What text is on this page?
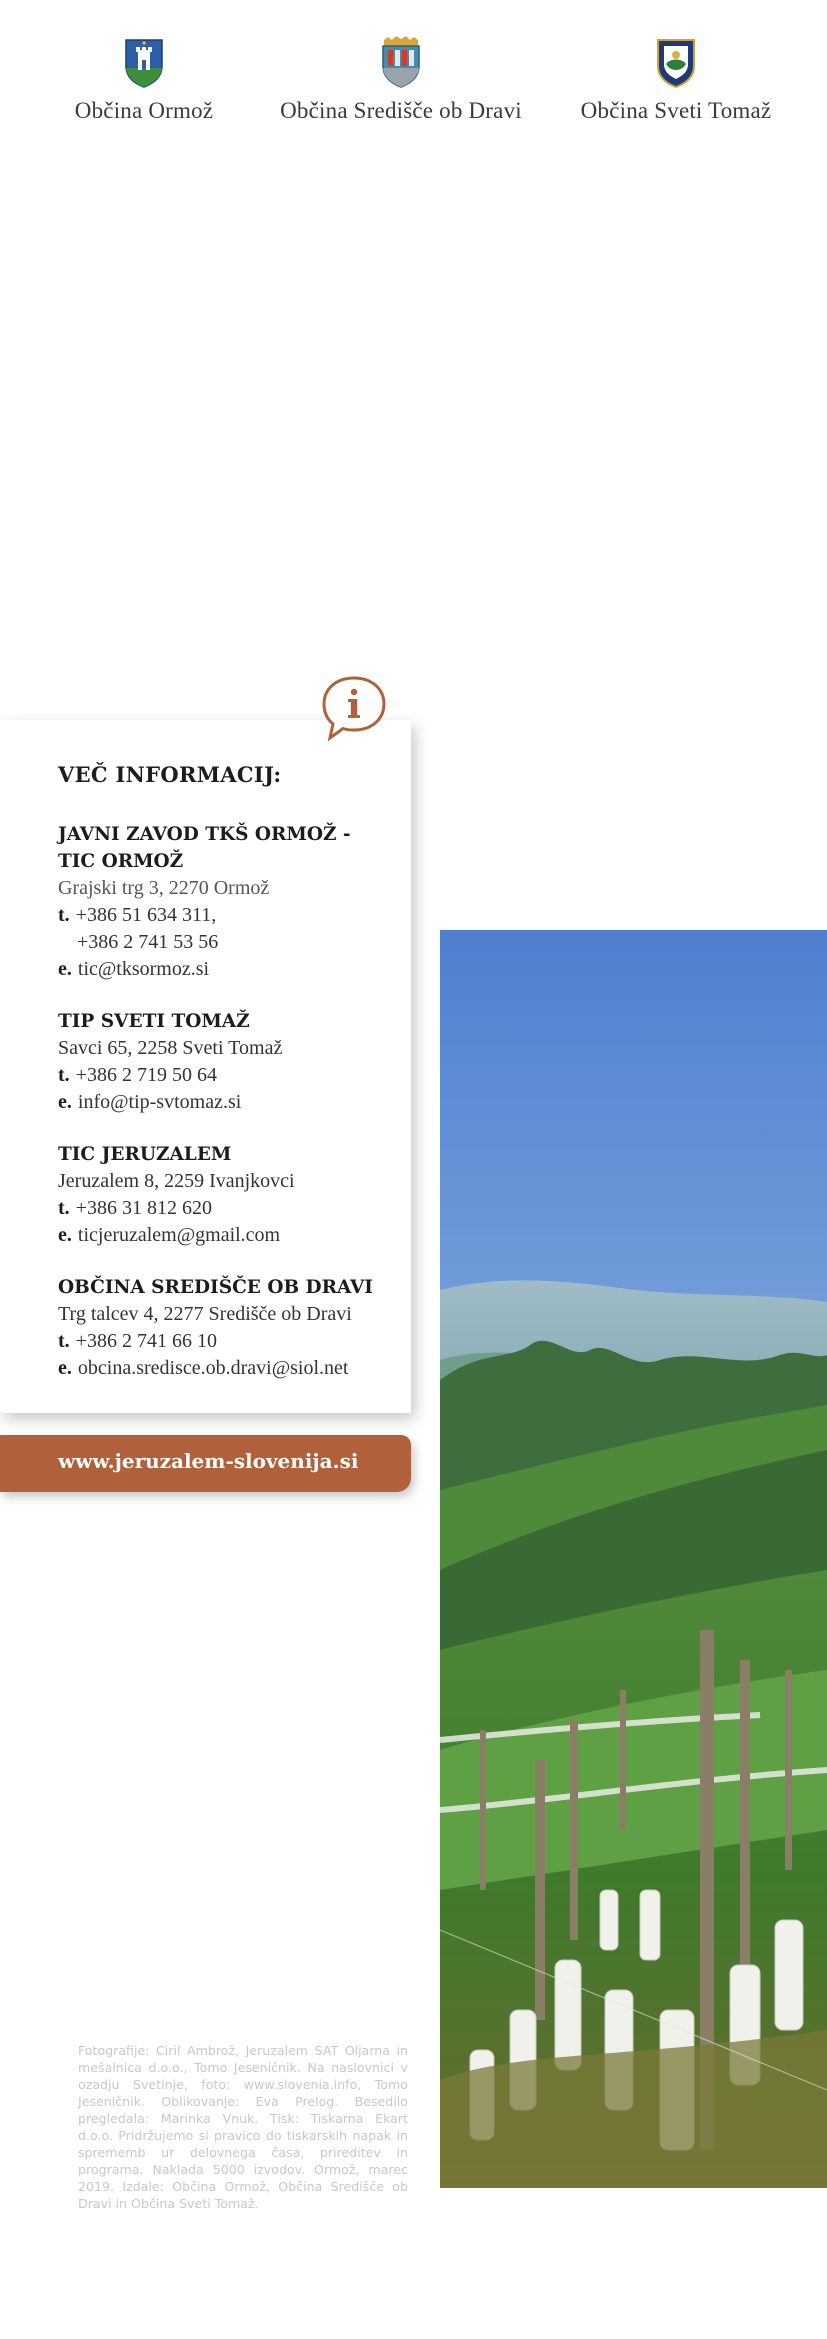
Občina Ormož	Občina Središče ob Dravi	Občina Sveti Tomaž
VEČ INFORMACIJ:
JAVNI ZAVOD TKŠ ORMOŽ -
TIC ORMOŽ
Grajski trg 3, 2270 Ormož
t. +386 51 634 311,
+386 2 741 53 56
e. tic@tksormoz.si
TIP SVETI TOMAŽ
Savci 65, 2258 Sveti Tomaž
t. +386 2 719 50 64
e. info@tip-svtomaz.si
TIC JERUZALEM
Jeruzalem 8, 2259 Ivanjkovci
t. +386 31 812 620
e. ticjeruzalem@gmail.com
OBČINA SREDIŠČE OB DRAVI
Trg talcev 4, 2277 Središče ob Dravi
t. +386 2 741 66 10
e. obcina.sredisce.ob.dravi@siol.net
www.jeruzalem-slovenija.si
Fotografije: Ciril Ambrož, Jeruzalem SAT Oljarna in mešalnica d.o.o., Tomo Jeseničnik. Na naslovnici v ozadju Svetinje, foto: www.slovenia.info, Tomo Jeseničnik. Oblikovanje: Eva Prelog. Besedilo pregledala: Marinka Vnuk. Tisk: Tiskarna Ekart d.o.o. Pridržujemo si pravico do tiskarskih napak in sprememb ur delovnega časa, prireditev in programa. Naklada 5000 izvodov. Ormož, marec 2019. Izdale: Občina Ormož, Občina Središče ob Dravi in Občina Sveti Tomaž.
